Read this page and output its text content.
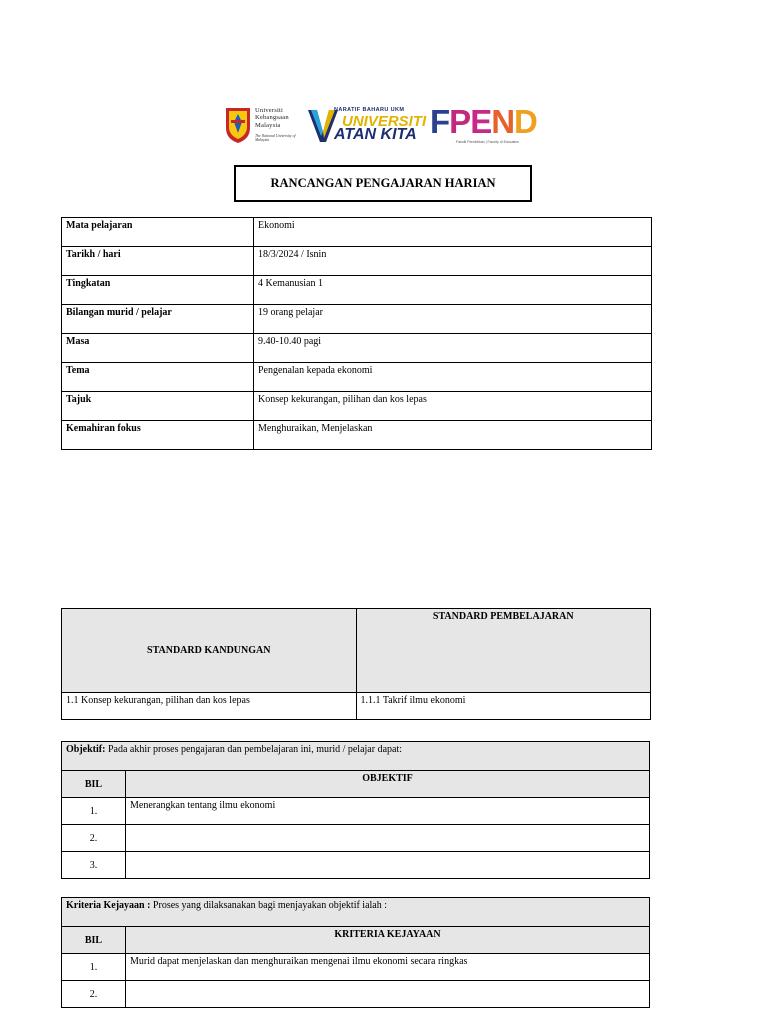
Universiti
Kebangsaan
Malaysia
The National University of Malaysia
NARATIF BAHARU UKM
UNIVERSITI
ATAN KITA FPEND
Fakulti Pendidikan | Faculty of Education
RANCANGAN PENGAJARAN HARIAN
Mata pelajaran	Ekonomi
Tarikh / hari	18/3/2024 / Isnin
Tingkatan	4 Kemanusian 1
Bilangan murid / pelajar	19 orang pelajar
Masa	9.40-10.40 pagi
Tema	Pengenalan kepada ekonomi
Tajuk	Konsep kekurangan, pilihan dan kos lepas
Kemahiran fokus	Menghuraikan, Menjelaskan
STANDARD KANDUNGAN	STANDARD PEMBELAJARAN
1.1 Konsep kekurangan, pilihan dan kos lepas	1.1.1 Takrif ilmu ekonomi
Objektif: Pada akhir proses pengajaran dan pembelajaran ini, murid / pelajar dapat:	
BIL	OBJEKTIF
1.	Menerangkan tentang ilmu ekonomi
2.	
3.	
Kriteria Kejayaan : Proses yang dilaksanakan bagi menjayakan objektif ialah :	
BIL	KRITERIA KEJAYAAN
1.	Murid dapat menjelaskan dan menghuraikan mengenai ilmu ekonomi secara ringkas
2.	
